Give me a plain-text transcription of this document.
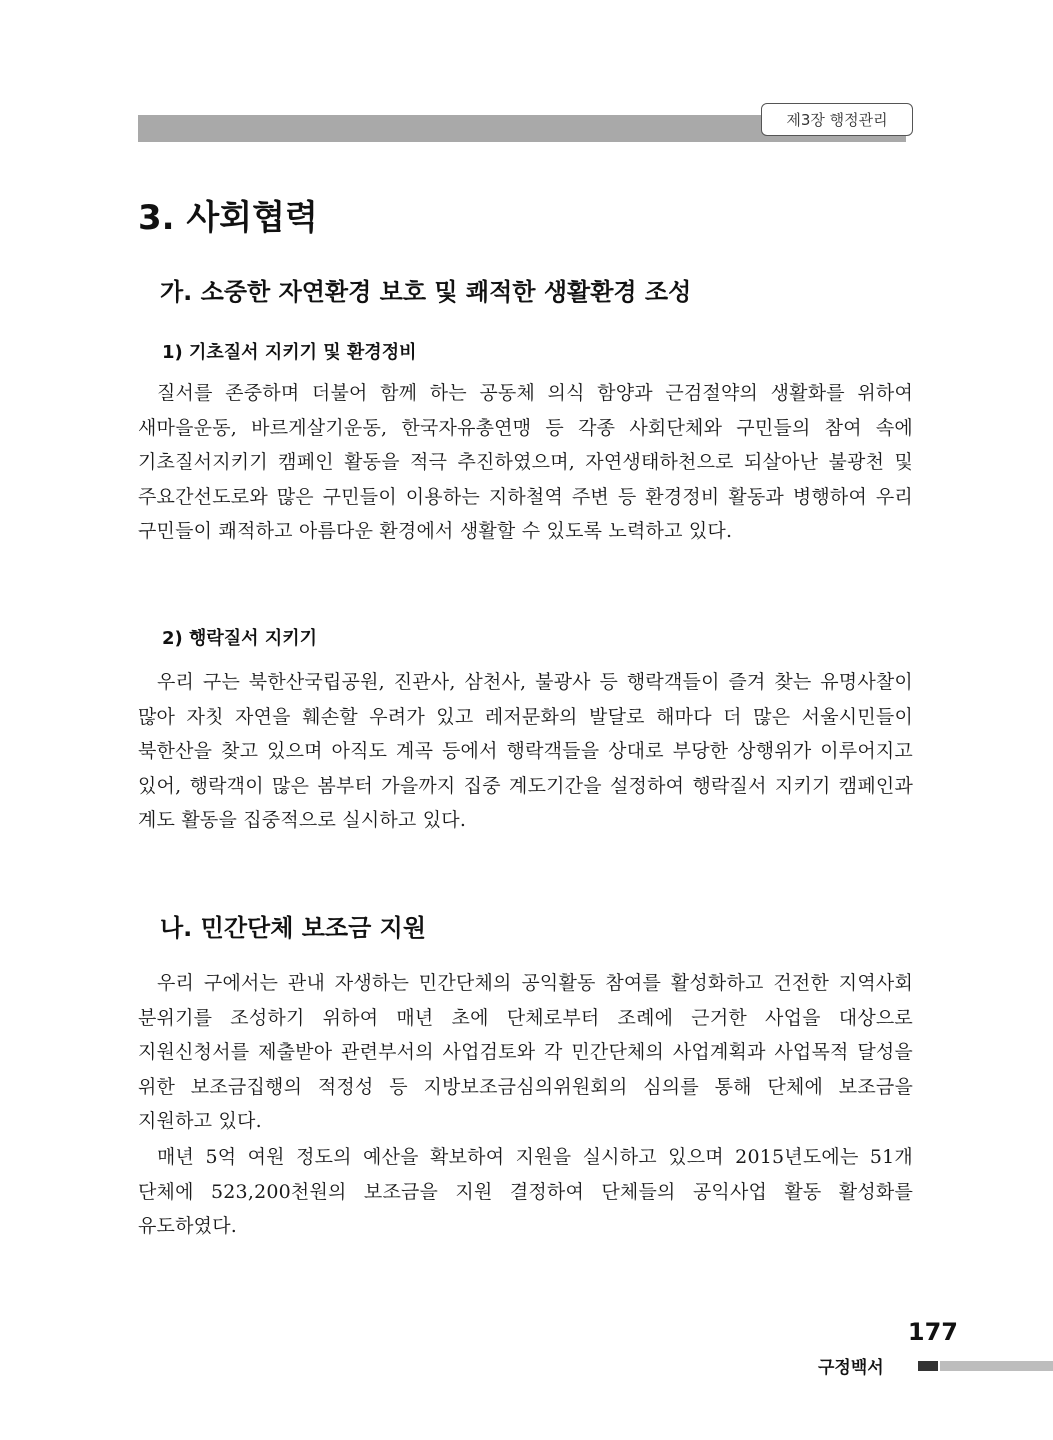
제3장 행정관리
3. 사회협력
가. 소중한 자연환경 보호 및 쾌적한 생활환경 조성
1) 기초질서 지키기 및 환경정비

질서를 존중하며 더불어 함께 하는 공동체 의식 함양과 근검절약의 생활화를 위하여 새마을운동, 바르게살기운동, 한국자유총연맹 등 각종 사회단체와 구민들의 참여 속에 기초질서지키기 캠페인 활동을 적극 추진하였으며, 자연생태하천으로 되살아난 불광천 및 주요간선도로와 많은 구민들이 이용하는 지하철역 주변 등 환경정비 활동과 병행하여 우리 구민들이 쾌적하고 아름다운 환경에서 생활할 수 있도록 노력하고 있다.

2) 행락질서 지키기

우리 구는 북한산국립공원, 진관사, 삼천사, 불광사 등 행락객들이 즐겨 찾는 유명사찰이 많아 자칫 자연을 훼손할 우려가 있고 레저문화의 발달로 해마다 더 많은 서울시민들이 북한산을 찾고 있으며 아직도 계곡 등에서 행락객들을 상대로 부당한 상행위가 이루어지고 있어, 행락객이 많은 봄부터 가을까지 집중 계도기간을 설정하여 행락질서 지키기 캠페인과 계도 활동을 집중적으로 실시하고 있다.

나. 민간단체 보조금 지원

우리 구에서는 관내 자생하는 민간단체의 공익활동 참여를 활성화하고 건전한 지역사회 분위기를 조성하기 위하여 매년 초에 단체로부터 조례에 근거한 사업을 대상으로 지원신청서를 제출받아 관련부서의 사업검토와 각 민간단체의 사업계획과 사업목적 달성을 위한 보조금집행의 적정성 등 지방보조금심의위원회의 심의를 통해 단체에 보조금을 지원하고 있다.

매년 5억 여원 정도의 예산을 확보하여 지원을 실시하고 있으며 2015년도에는 51개 단체에 523,200천원의 보조금을 지원 결정하여 단체들의 공익사업 활동 활성화를 유도하였다.

177
구정백서
